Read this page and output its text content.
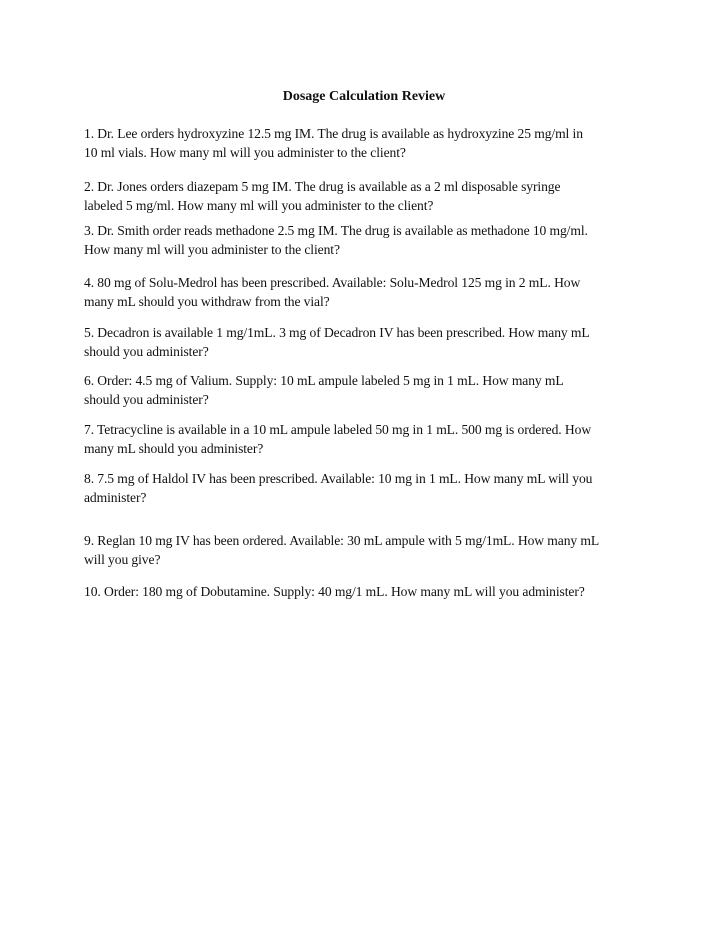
Dosage Calculation Review

1. Dr. Lee orders hydroxyzine 12.5 mg IM. The drug is available as hydroxyzine 25 mg/ml in
10 ml vials. How many ml will you administer to the client?

2. Dr. Jones orders diazepam 5 mg IM. The drug is available as a 2 ml disposable syringe
labeled 5 mg/ml. How many ml will you administer to the client?

3. Dr. Smith order reads methadone 2.5 mg IM. The drug is available as methadone 10 mg/ml.
How many ml will you administer to the client?

4. 80 mg of Solu-Medrol has been prescribed. Available: Solu-Medrol 125 mg in 2 mL. How
many mL should you withdraw from the vial?

5. Decadron is available 1 mg/1mL. 3 mg of Decadron IV has been prescribed. How many mL
should you administer?

6. Order: 4.5 mg of Valium. Supply: 10 mL ampule labeled 5 mg in 1 mL. How many mL
should you administer?

7. Tetracycline is available in a 10 mL ampule labeled 50 mg in 1 mL. 500 mg is ordered. How
many mL should you administer?

8. 7.5 mg of Haldol IV has been prescribed. Available: 10 mg in 1 mL. How many mL will you
administer?

9. Reglan 10 mg IV has been ordered. Available: 30 mL ampule with 5 mg/1mL. How many mL
will you give?

10. Order: 180 mg of Dobutamine. Supply: 40 mg/1 mL. How many mL will you administer?
